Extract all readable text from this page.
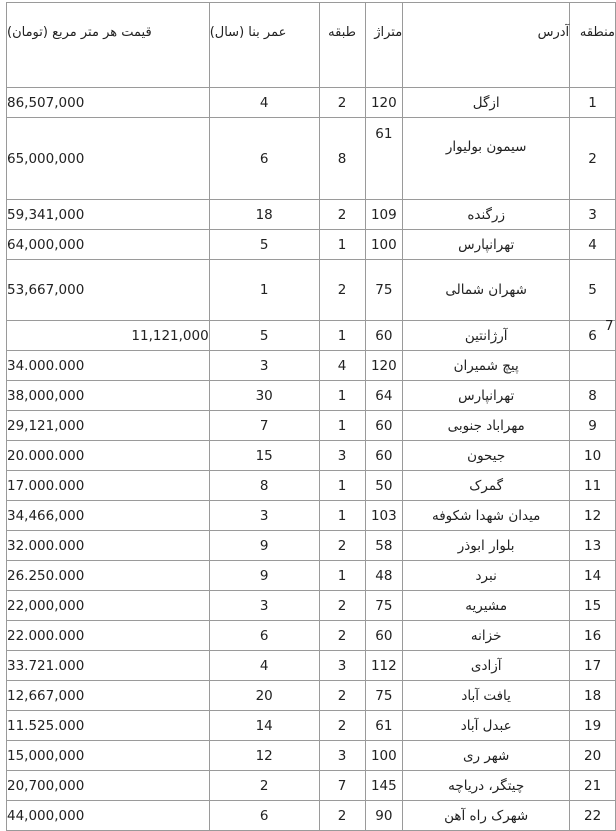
منطقه	آدرس	متراژ	طبقه	عمر بنا (سال)	قیمت هر متر مربع (تومان)
1	ازگل	120	2	4	86,507,000
2	سیمون بولیوار	61	8	6	65,000,000
3	زرگنده	109	2	18	59,341,000
4	تهرانپارس	100	1	5	64,000,000
5	شهران شمالی	75	2	1	53,667,000
6	آرژانتین	60	1	5	11,121,000
	پیچ شمیران	120	4	3	34.000.000
8	تهرانپارس	64	1	30	38,000,000
9	مهراباد جنوبی	60	1	7	29,121,000
10	جیحون	60	3	15	20.000.000
11	گمرک	50	1	8	17.000.000
12	میدان شهدا شکوفه	103	1	3	34,466,000
13	بلوار ابوذر	58	2	9	32.000.000
14	نبرد	48	1	9	26.250.000
15	مشیریه	75	2	3	22,000,000
16	خزانه	60	2	6	22.000.000
17	آزادی	112	3	4	33.721.000
18	یافت آباد	75	2	20	12,667,000
19	عبدل آباد	61	2	14	11.525.000
20	شهر ری	100	3	12	15,000,000
21	چیتگر، دریاچه	145	7	2	20,700,000
22	شهرک راه آهن	90	2	6	44,000,000
7
